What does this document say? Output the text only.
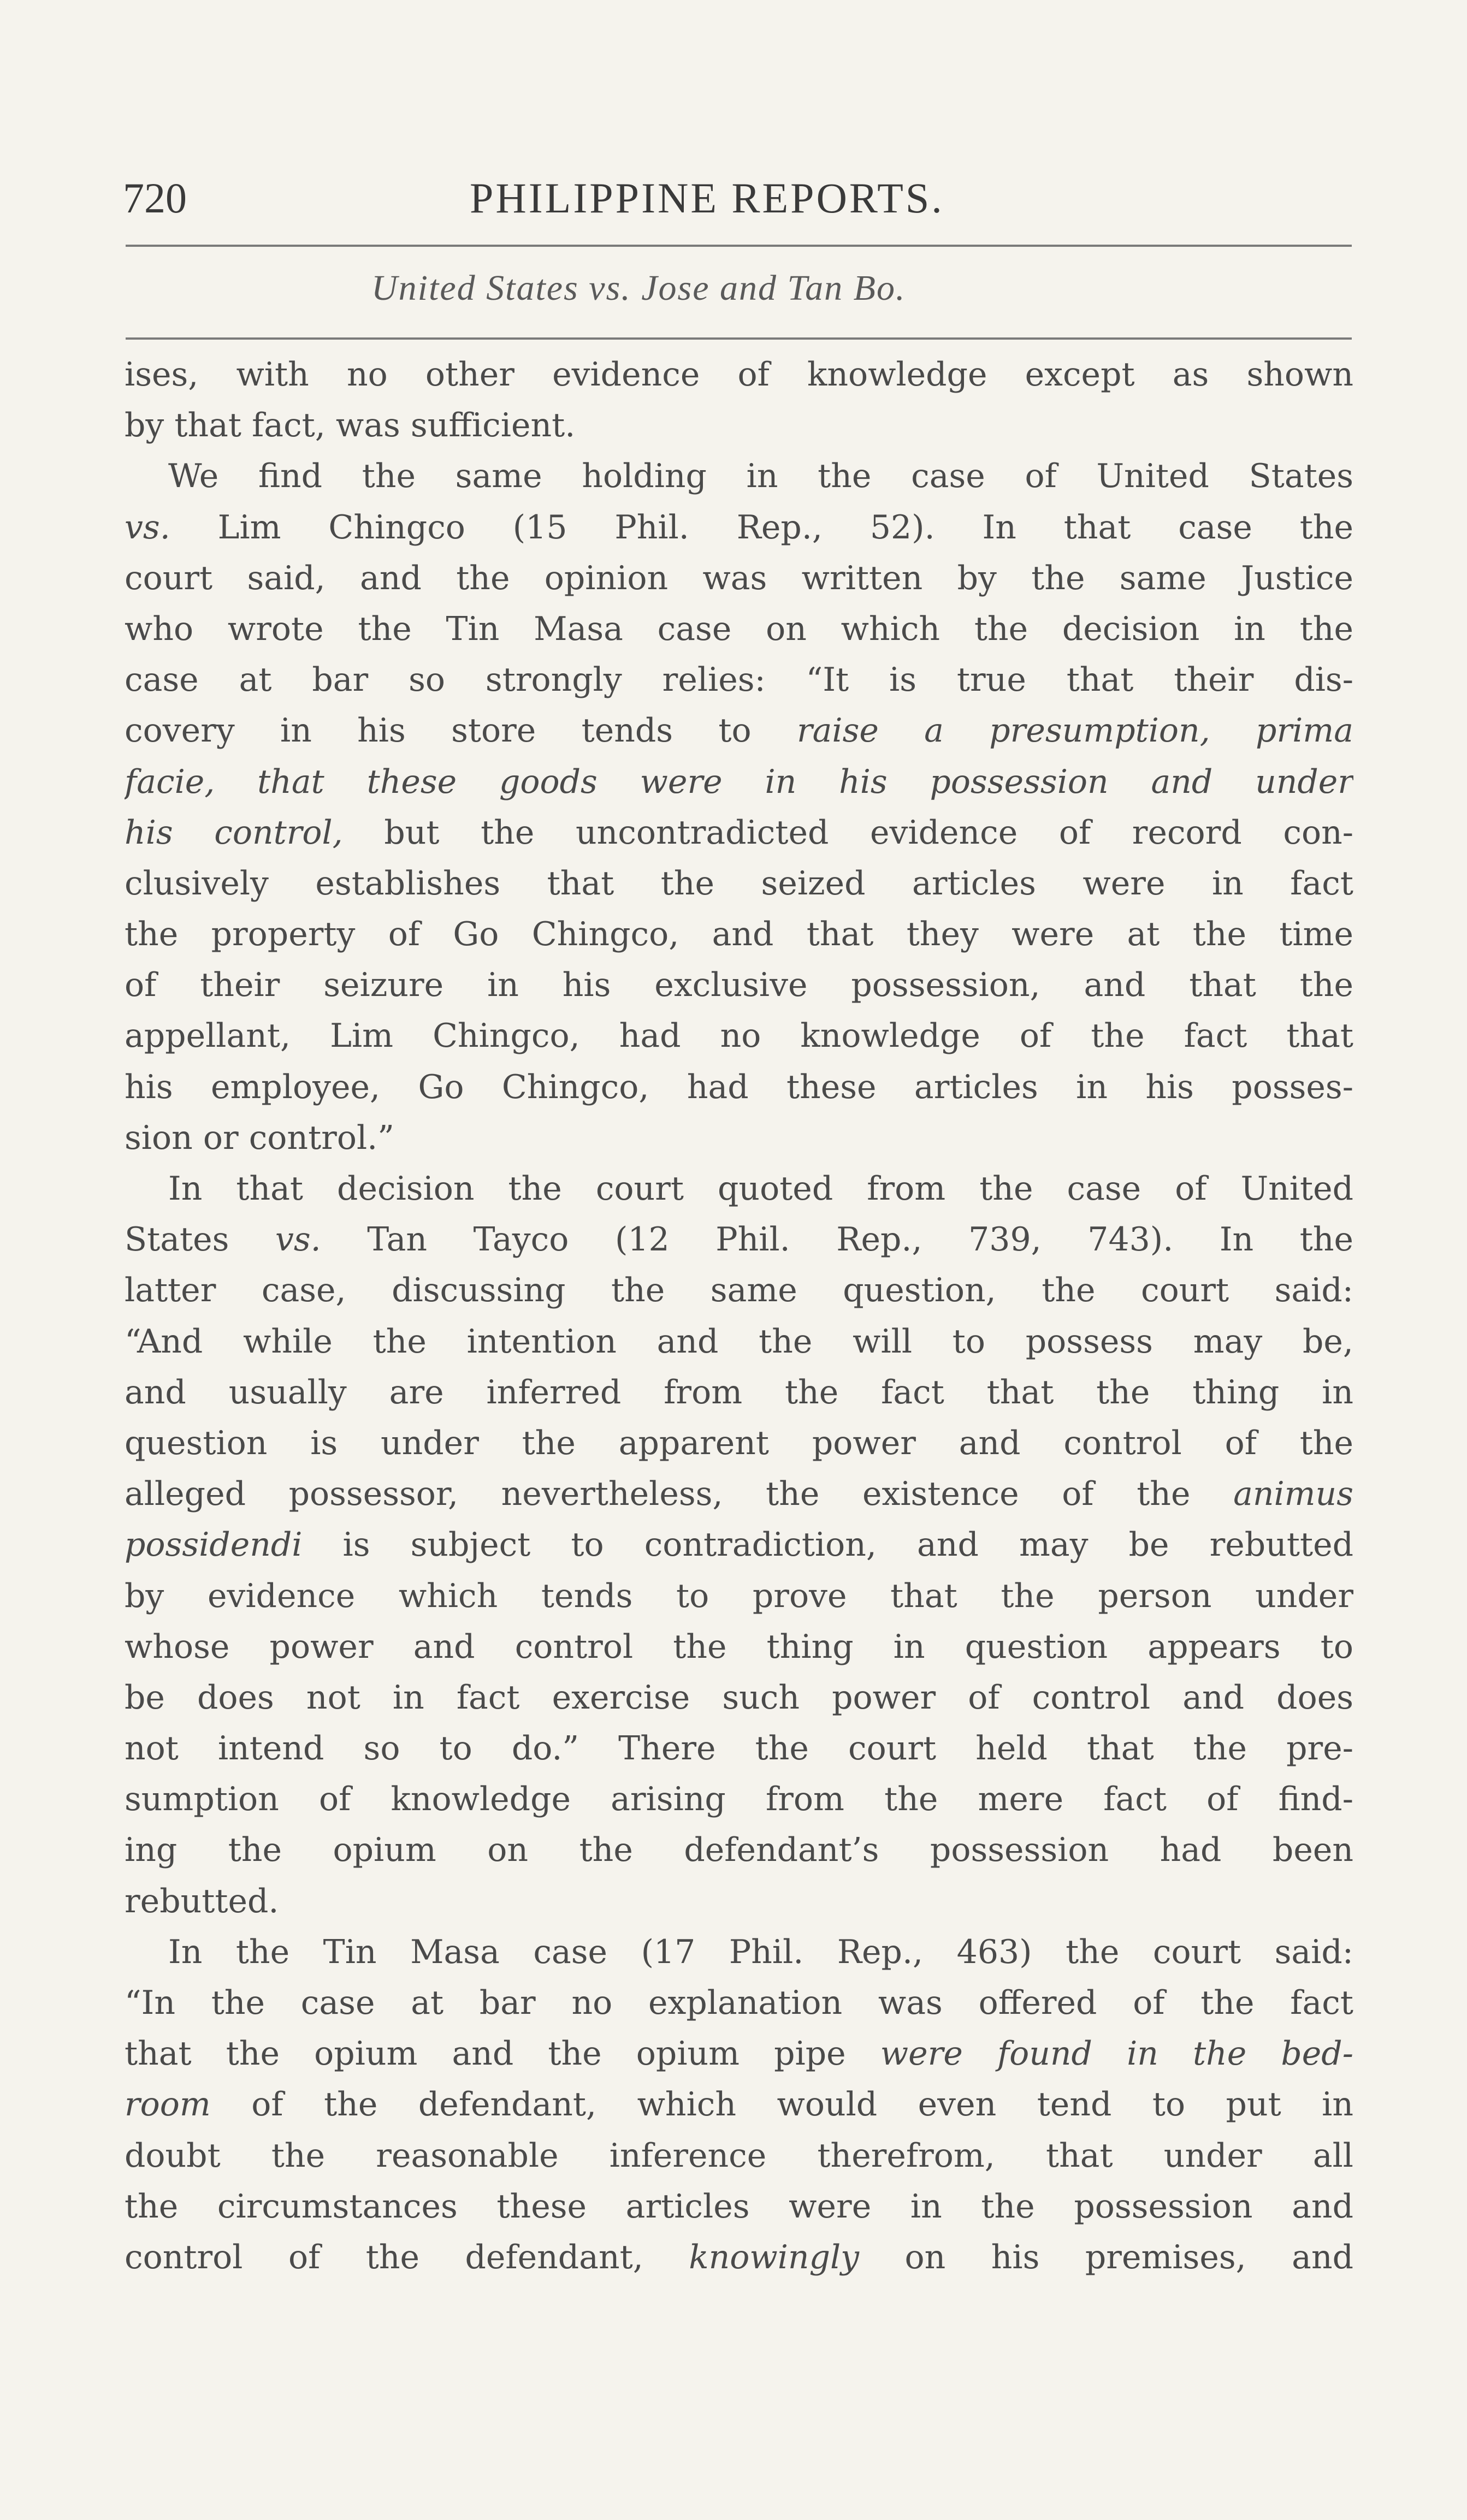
720	PHILIPPINE REPORTS.
United States vs. Jose and Tan Bo.
ises, with no other evidence of knowledge except as shown
by that fact, was sufficient.
We find the same holding in the case of United States
vs. Lim Chingco (15 Phil. Rep., 52). In that case the
court said, and the opinion was written by the same Justice
who wrote the Tin Masa case on which the decision in the
case at bar so strongly relies: “It is true that their dis-
covery in his store tends to raise a presumption, prima
facie, that these goods were in his possession and under
his control, but the uncontradicted evidence of record con-
clusively establishes that the seized articles were in fact
the property of Go Chingco, and that they were at the time
of their seizure in his exclusive possession, and that the
appellant, Lim Chingco, had no knowledge of the fact that
his employee, Go Chingco, had these articles in his posses-
sion or control.”
In that decision the court quoted from the case of United
States vs. Tan Tayco (12 Phil. Rep., 739, 743). In the
latter case, discussing the same question, the court said:
“And while the intention and the will to possess may be,
and usually are inferred from the fact that the thing in
question is under the apparent power and control of the
alleged possessor, nevertheless, the existence of the animus
possidendi is subject to contradiction, and may be rebutted
by evidence which tends to prove that the person under
whose power and control the thing in question appears to
be does not in fact exercise such power of control and does
not intend so to do.” There the court held that the pre-
sumption of knowledge arising from the mere fact of find-
ing the opium on the defendant’s possession had been
rebutted.
In the Tin Masa case (17 Phil. Rep., 463) the court said:
“In the case at bar no explanation was offered of the fact
that the opium and the opium pipe were found in the bed-
room of the defendant, which would even tend to put in
doubt the reasonable inference therefrom, that under all
the circumstances these articles were in the possession and
control of the defendant, knowingly on his premises, and
